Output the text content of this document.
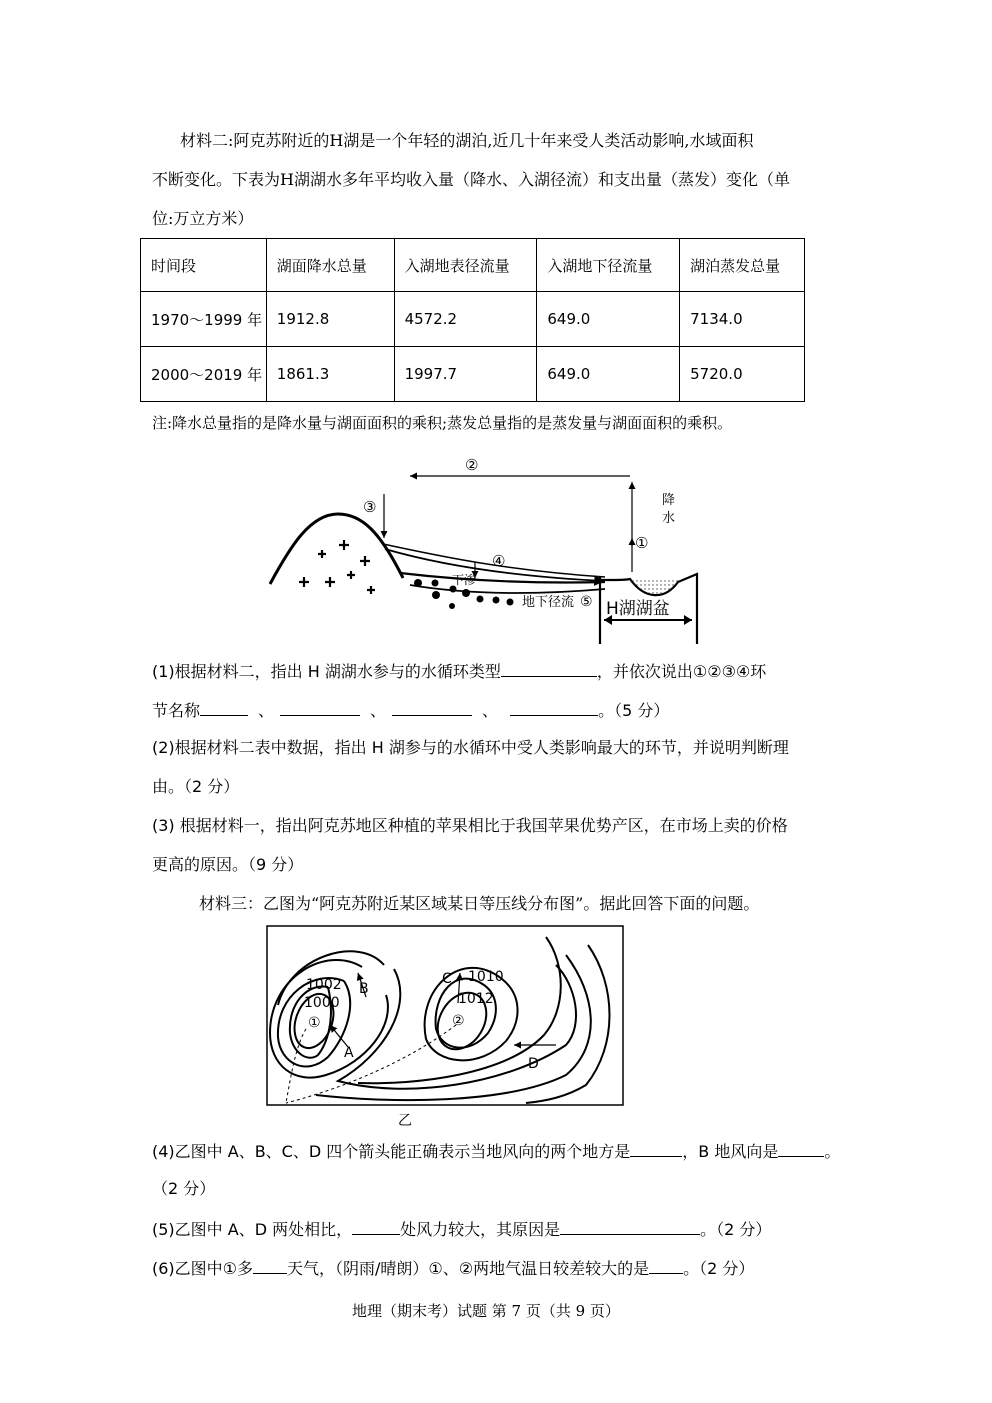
材料二:阿克苏附近的H湖是一个年轻的湖泊,近几十年来受人类活动影响,水域面积
不断变化。下表为H湖湖水多年平均收入量（降水、入湖径流）和支出量（蒸发）变化（单
位:万立方米）
时间段	湖面降水总量	入湖地表径流量	入湖地下径流量	湖泊蒸发总量
1970～1999 年	1912.8	4572.2	649.0	7134.0
2000～2019 年	1861.3	1997.7	649.0	5720.0
注:降水总量指的是降水量与湖面面积的乘积;蒸发总量指的是蒸发量与湖面面积的乘积。
②
③
④
①
降
水
下渗
地下径流 ⑤ H湖湖盆
(1)根据材料二，指出 H 湖湖水参与的水循环类型	，并依次说出①②③④环
节名称	、	、	、	。（5 分）
(2)根据材料二表中数据，指出 H 湖参与的水循环中受人类影响最大的环节，并说明判断理
由。（2 分）
(3) 根据材料一，指出阿克苏地区种植的苹果相比于我国苹果优势产区，在市场上卖的价格
更高的原因。（9 分）
材料三：乙图为“阿克苏附近某区域某日等压线分布图”。据此回答下面的问题。
1002
1000
1010
1012
A
B
C
D
①	②
乙
(4)乙图中 A、B、C、D 四个箭头能正确表示当地风向的两个地方是	，B 地风向是	。
（2 分）
(5)乙图中 A、D 两处相比，	处风力较大，其原因是	。（2 分）
(6)乙图中①多 天气，（阴雨/晴朗）①、②两地气温日较差较大的是 。（2 分）
地理（期末考）试题 第 7 页（共 9 页）
